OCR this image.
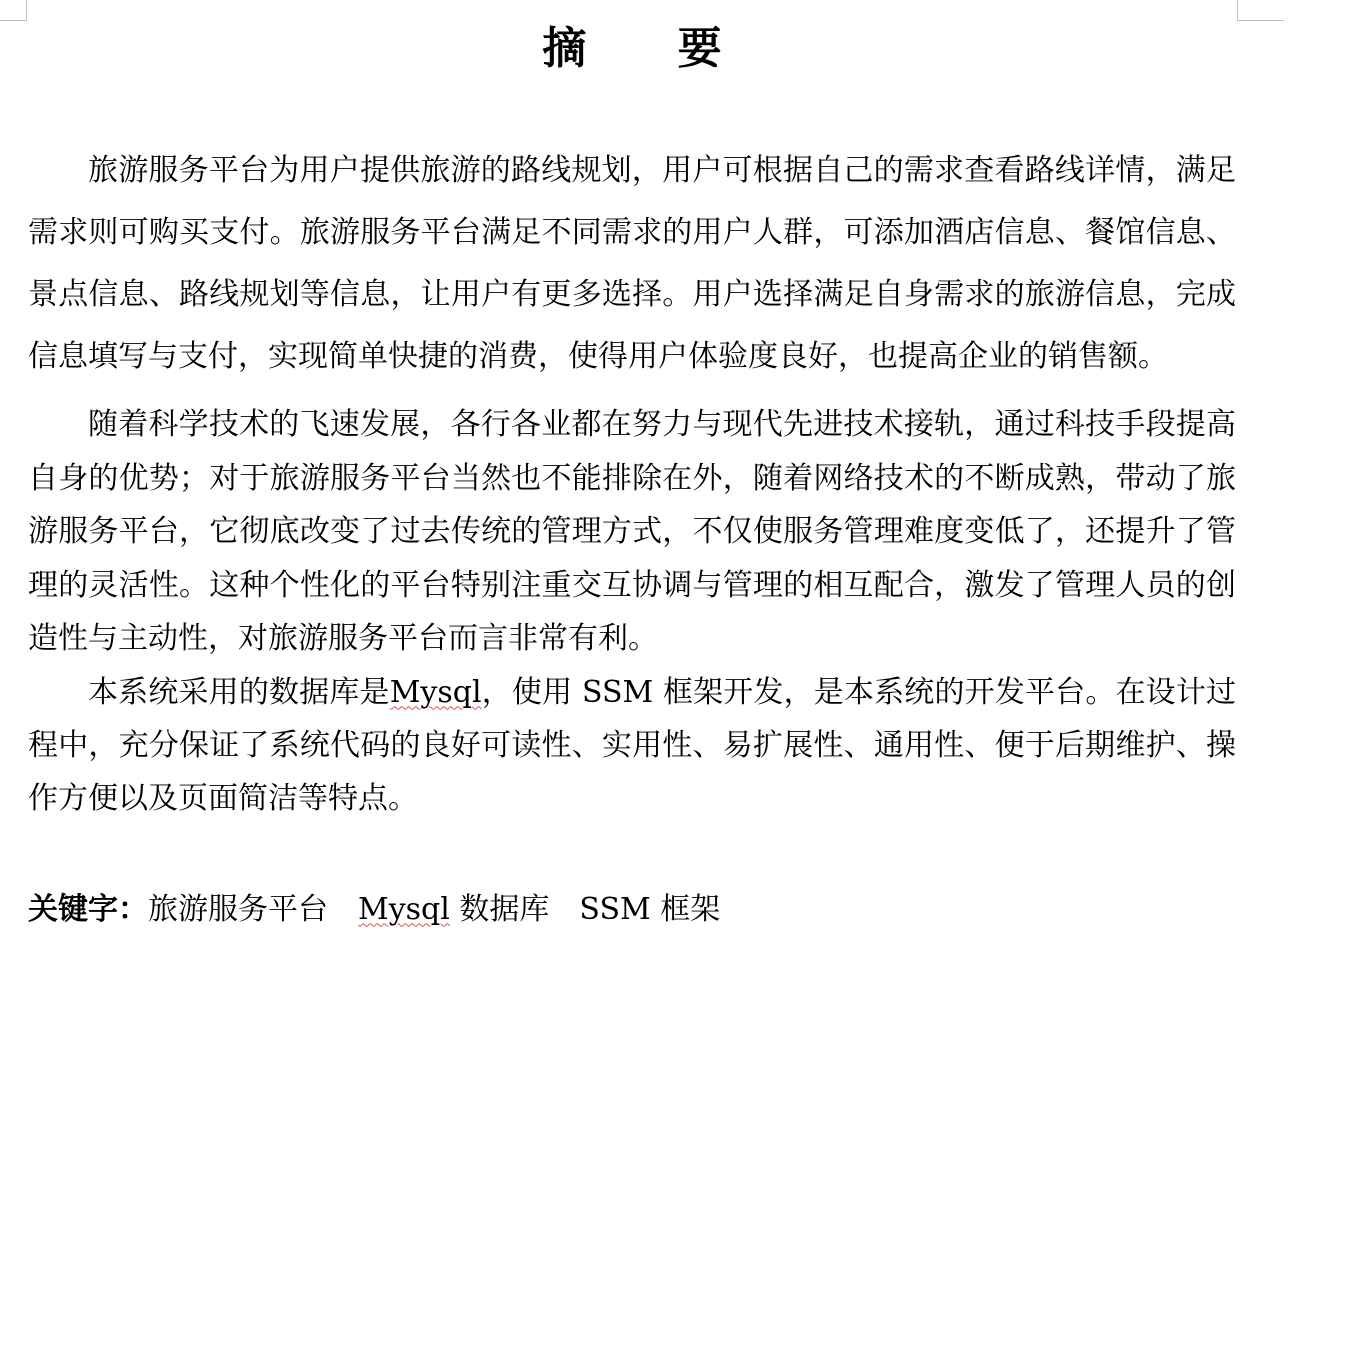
摘 要

旅游服务平台为用户提供旅游的路线规划，用户可根据自己的需求查看路线详情，满足需求则可购买支付。旅游服务平台满足不同需求的用户人群，可添加酒店信息、餐馆信息、景点信息、路线规划等信息，让用户有更多选择。用户选择满足自身需求的旅游信息，完成信息填写与支付，实现简单快捷的消费，使得用户体验度良好，也提高企业的销售额。

随着科学技术的飞速发展，各行各业都在努力与现代先进技术接轨，通过科技手段提高自身的优势；对于旅游服务平台当然也不能排除在外，随着网络技术的不断成熟，带动了旅游服务平台，它彻底改变了过去传统的管理方式，不仅使服务管理难度变低了，还提升了管理的灵活性。这种个性化的平台特别注重交互协调与管理的相互配合，激发了管理人员的创造性与主动性，对旅游服务平台而言非常有利。

本系统采用的数据库是Mysql，使用 SSM 框架开发，是本系统的开发平台。在设计过程中，充分保证了系统代码的良好可读性、实用性、易扩展性、通用性、便于后期维护、操作方便以及页面简洁等特点。

关键字：旅游服务平台 Mysql 数据库 SSM 框架
